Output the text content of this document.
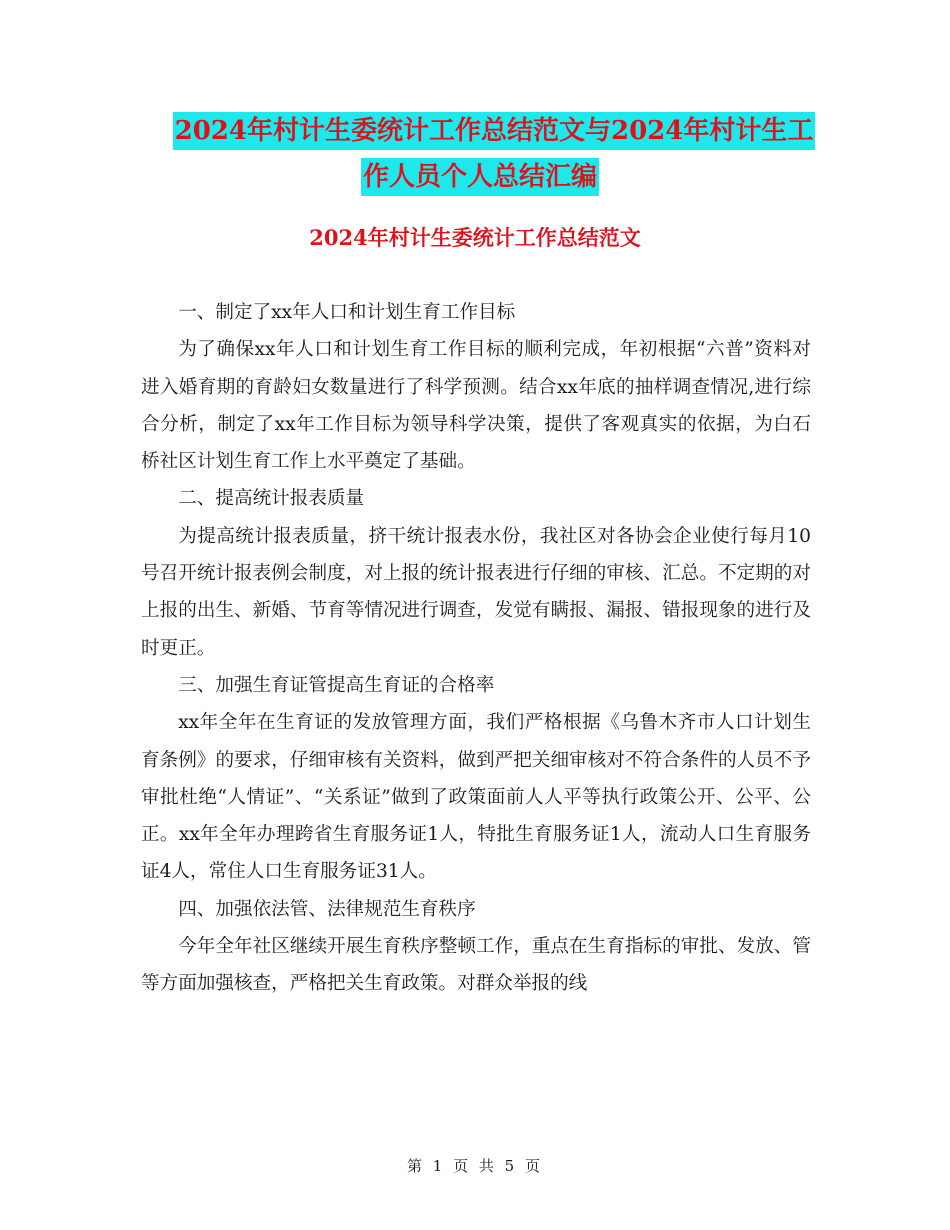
2024年村计生委统计工作总结范文与2024年村计生工
作人员个人总结汇编
2024年村计生委统计工作总结范文

一、制定了xx年人口和计划生育工作目标

为了确保xx年人口和计划生育工作目标的顺利完成，年初根据“六普”资料对进入婚育期的育龄妇女数量进行了科学预测。结合xx年底的抽样调查情况,进行综合分析，制定了xx年工作目标为领导科学决策，提供了客观真实的依据，为白石桥社区计划生育工作上水平奠定了基础。

二、提高统计报表质量

为提高统计报表质量，挤干统计报表水份，我社区对各协会企业使行每月10号召开统计报表例会制度，对上报的统计报表进行仔细的审核、汇总。不定期的对上报的出生、新婚、节育等情况进行调查，发觉有瞒报、漏报、错报现象的进行及时更正。

三、加强生育证管提高生育证的合格率

xx年全年在生育证的发放管理方面，我们严格根据《乌鲁木齐市人口计划生育条例》的要求，仔细审核有关资料，做到严把关细审核对不符合条件的人员不予审批杜绝“人情证”、“关系证”做到了政策面前人人平等执行政策公开、公平、公正。xx年全年办理跨省生育服务证1人，特批生育服务证1人，流动人口生育服务证4人，常住人口生育服务证31人。

四、加强依法管、法律规范生育秩序

今年全年社区继续开展生育秩序整顿工作，重点在生育指标的审批、发放、管等方面加强核查，严格把关生育政策。对群众举报的线

第 1 页 共 5 页
